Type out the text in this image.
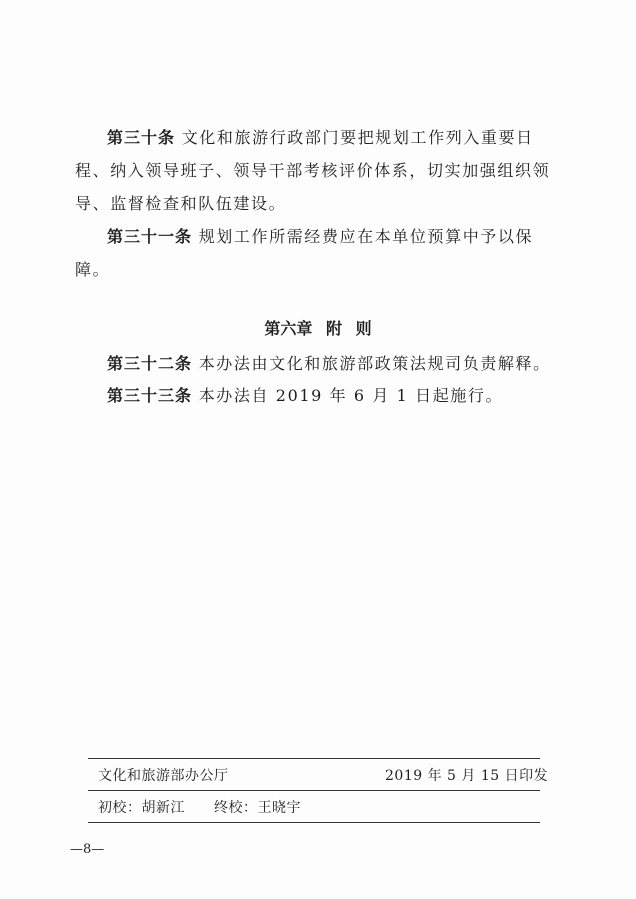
第三十条 文化和旅游行政部门要把规划工作列入重要日程、纳入领导班子、领导干部考核评价体系，切实加强组织领导、监督检查和队伍建设。

第三十一条 规划工作所需经费应在本单位预算中予以保障。

第六章 附 则

第三十二条 本办法由文化和旅游部政策法规司负责解释。

第三十三条 本办法自 2019 年 6 月 1 日起施行。

文化和旅游部办公厅	2019 年 5 月 15 日印发
初校：胡新江　　终校：王晓宇
—8—
